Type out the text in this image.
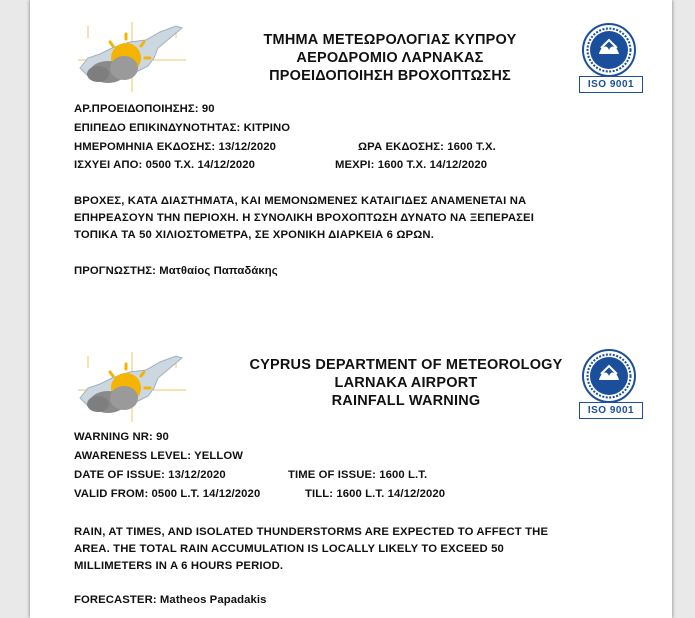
ΤΜΗΜΑ ΜΕΤΕΩΡΟΛΟΓΙΑΣ ΚΥΠΡΟΥ
ΑΕΡΟΔΡΟΜΙΟ ΛΑΡΝΑΚΑΣ
ΠΡΟΕΙΔΟΠΟΙΗΣΗ ΒΡΟΧΟΠΤΩΣΗΣ
ISO 9001
ΑΡ.ΠΡΟΕΙΔΟΠΟΙΗΣΗΣ: 90
ΕΠΙΠΕΔΟ ΕΠΙΚΙΝΔΥΝΟΤΗΤΑΣ: ΚΙΤΡΙΝΟ
ΗΜΕΡΟΜΗΝΙΑ ΕΚΔΟΣΗΣ: 13/12/2020	ΩΡΑ ΕΚΔΟΣΗΣ: 1600 Τ.Χ.
ΙΣΧΥΕΙ ΑΠΟ: 0500 Τ.Χ. 14/12/2020	ΜΕΧΡΙ: 1600 Τ.Χ. 14/12/2020
ΒΡΟΧΕΣ, ΚΑΤΑ ΔΙΑΣΤΗΜΑΤΑ, ΚΑΙ ΜΕΜΟΝΩΜΕΝΕΣ ΚΑΤΑΙΓΙΔΕΣ ΑΝΑΜΕΝΕΤΑΙ ΝΑ
ΕΠΗΡΕΑΣΟΥΝ ΤΗΝ ΠΕΡΙΟΧΗ. Η ΣΥΝΟΛΙΚΗ ΒΡΟΧΟΠΤΩΣΗ ΔΥΝΑΤΟ ΝΑ ΞΕΠΕΡΑΣΕΙ
ΤΟΠΙΚΑ ΤΑ 50 ΧΙΛΙΟΣΤΟΜΕΤΡΑ, ΣΕ ΧΡΟΝΙΚΗ ΔΙΑΡΚΕΙΑ 6 ΩΡΩΝ.
ΠΡΟΓΝΩΣΤΗΣ: Ματθαίος Παπαδάκης
CYPRUS DEPARTMENT OF METEOROLOGY
LARNAKA AIRPORT
RAINFALL WARNING
ISO 9001
WARNING NR: 90
AWARENESS LEVEL: YELLOW
DATE OF ISSUE: 13/12/2020	TIME OF ISSUE: 1600 L.T.
VALID FROM: 0500 L.T. 14/12/2020	TILL: 1600 L.T. 14/12/2020
RAIN, AT TIMES, AND ISOLATED THUNDERSTORMS ARE EXPECTED TO AFFECT THE
AREA. THE TOTAL RAIN ACCUMULATION IS LOCALLY LIKELY TO EXCEED 50
MILLIMETERS IN A 6 HOURS PERIOD.
FORECASTER: Matheos Papadakis
